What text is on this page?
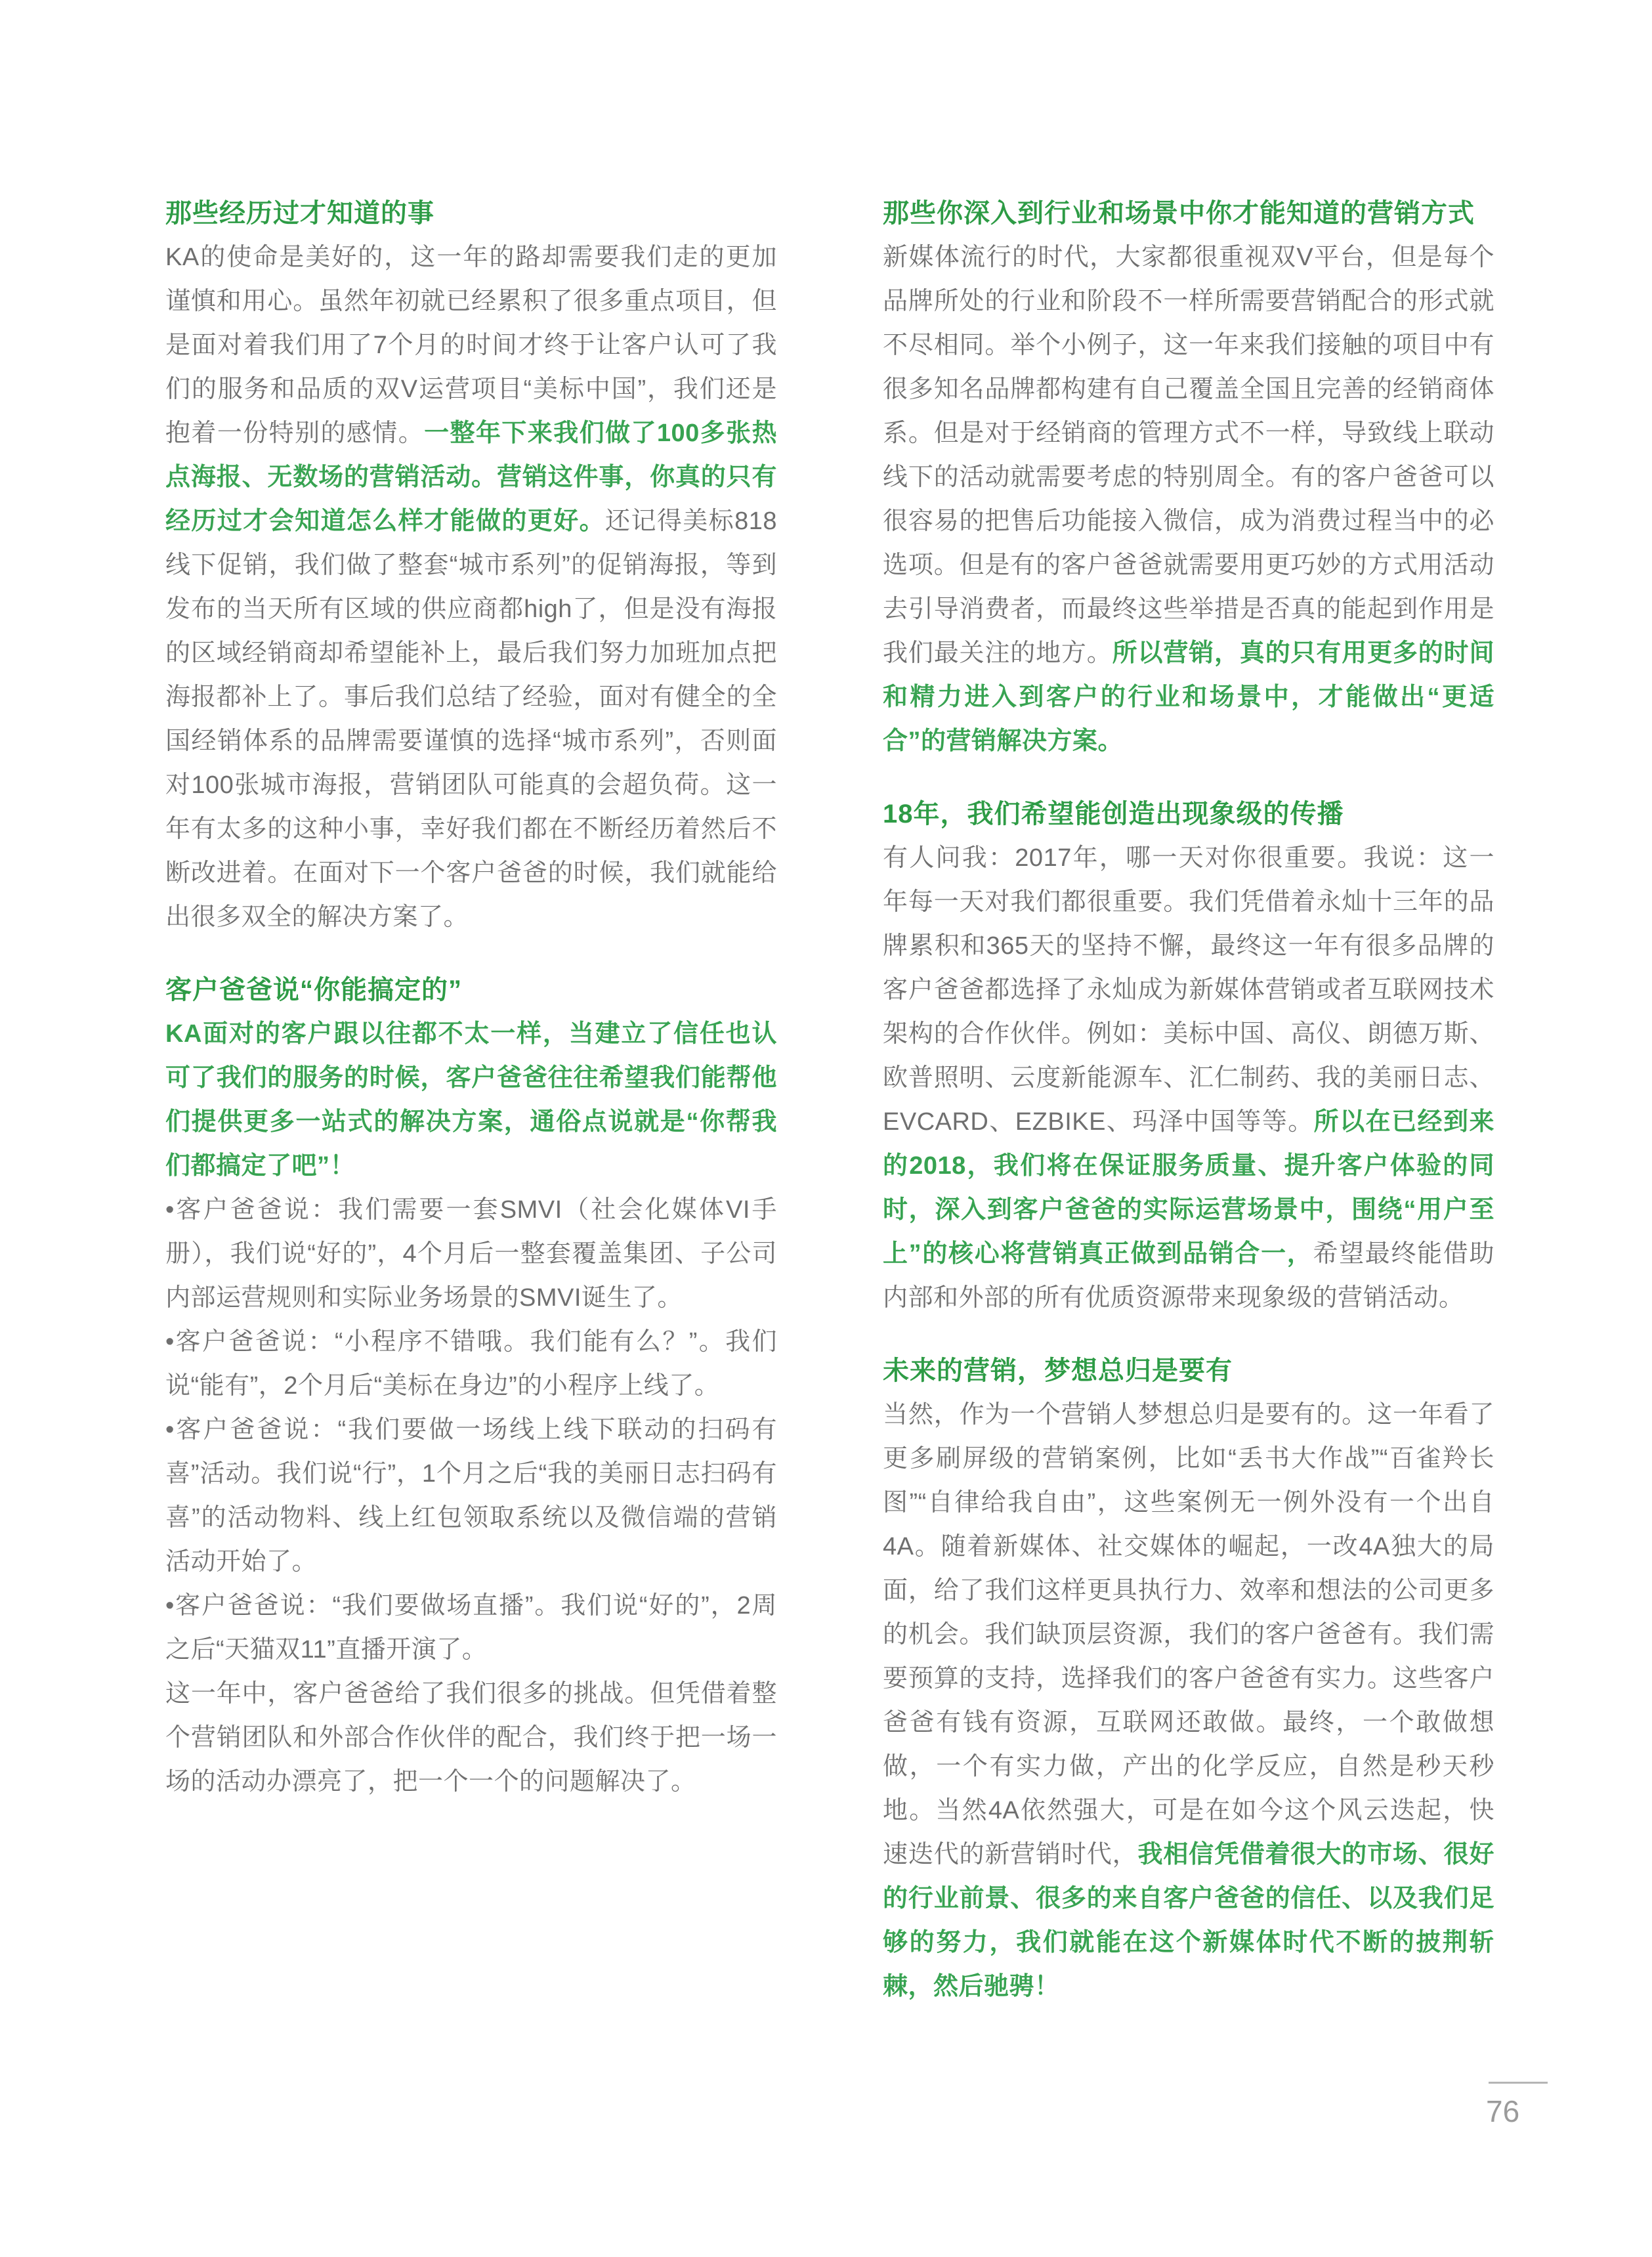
那些经历过才知道的事

KA的使命是美好的，这一年的路却需要我们走的更加谨慎和用心。虽然年初就已经累积了很多重点项目，但是面对着我们用了7个月的时间才终于让客户认可了我们的服务和品质的双V运营项目“美标中国”，我们还是抱着一份特别的感情。一整年下来我们做了100多张热点海报、无数场的营销活动。营销这件事，你真的只有经历过才会知道怎么样才能做的更好。还记得美标818线下促销，我们做了整套“城市系列”的促销海报，等到发布的当天所有区域的供应商都high了，但是没有海报的区域经销商却希望能补上，最后我们努力加班加点把海报都补上了。事后我们总结了经验，面对有健全的全国经销体系的品牌需要谨慎的选择“城市系列”，否则面对100张城市海报，营销团队可能真的会超负荷。这一年有太多的这种小事，幸好我们都在不断经历着然后不断改进着。在面对下一个客户爸爸的时候，我们就能给出很多双全的解决方案了。

客户爸爸说“你能搞定的”

KA面对的客户跟以往都不太一样，当建立了信任也认可了我们的服务的时候，客户爸爸往往希望我们能帮他们提供更多一站式的解决方案，通俗点说就是“你帮我们都搞定了吧”！

•客户爸爸说：我们需要一套SMVI（社会化媒体VI手册），我们说“好的”，4个月后一整套覆盖集团、子公司内部运营规则和实际业务场景的SMVI诞生了。

•客户爸爸说：“小程序不错哦。我们能有么？”。我们说“能有”，2个月后“美标在身边”的小程序上线了。

•客户爸爸说：“我们要做一场线上线下联动的扫码有喜”活动。我们说“行”，1个月之后“我的美丽日志扫码有喜”的活动物料、线上红包领取系统以及微信端的营销活动开始了。

•客户爸爸说：“我们要做场直播”。我们说“好的”，2周之后“天猫双11”直播开演了。

这一年中，客户爸爸给了我们很多的挑战。但凭借着整个营销团队和外部合作伙伴的配合，我们终于把一场一场的活动办漂亮了，把一个一个的问题解决了。

那些你深入到行业和场景中你才能知道的营销方式

新媒体流行的时代，大家都很重视双V平台，但是每个品牌所处的行业和阶段不一样所需要营销配合的形式就不尽相同。举个小例子，这一年来我们接触的项目中有很多知名品牌都构建有自己覆盖全国且完善的经销商体系。但是对于经销商的管理方式不一样，导致线上联动线下的活动就需要考虑的特别周全。有的客户爸爸可以很容易的把售后功能接入微信，成为消费过程当中的必选项。但是有的客户爸爸就需要用更巧妙的方式用活动去引导消费者，而最终这些举措是否真的能起到作用是我们最关注的地方。所以营销，真的只有用更多的时间和精力进入到客户的行业和场景中，才能做出“更适合”的营销解决方案。

18年，我们希望能创造出现象级的传播

有人问我：2017年，哪一天对你很重要。我说：这一年每一天对我们都很重要。我们凭借着永灿十三年的品牌累积和365天的坚持不懈，最终这一年有很多品牌的客户爸爸都选择了永灿成为新媒体营销或者互联网技术架构的合作伙伴。例如：美标中国、高仪、朗德万斯、欧普照明、云度新能源车、汇仁制药、我的美丽日志、EVCARD、EZBIKE、玛泽中国等等。所以在已经到来的2018，我们将在保证服务质量、提升客户体验的同时，深入到客户爸爸的实际运营场景中，围绕“用户至上”的核心将营销真正做到品销合一，希望最终能借助内部和外部的所有优质资源带来现象级的营销活动。

未来的营销，梦想总归是要有

当然，作为一个营销人梦想总归是要有的。这一年看了更多刷屏级的营销案例，比如“丢书大作战”“百雀羚长图”“自律给我自由”，这些案例无一例外没有一个出自4A。随着新媒体、社交媒体的崛起，一改4A独大的局面，给了我们这样更具执行力、效率和想法的公司更多的机会。我们缺顶层资源，我们的客户爸爸有。我们需要预算的支持，选择我们的客户爸爸有实力。这些客户爸爸有钱有资源，互联网还敢做。最终，一个敢做想做，一个有实力做，产出的化学反应，自然是秒天秒地。当然4A依然强大，可是在如今这个风云迭起，快速迭代的新营销时代，我相信凭借着很大的市场、很好的行业前景、很多的来自客户爸爸的信任、以及我们足够的努力，我们就能在这个新媒体时代不断的披荆斩棘，然后驰骋！

76
